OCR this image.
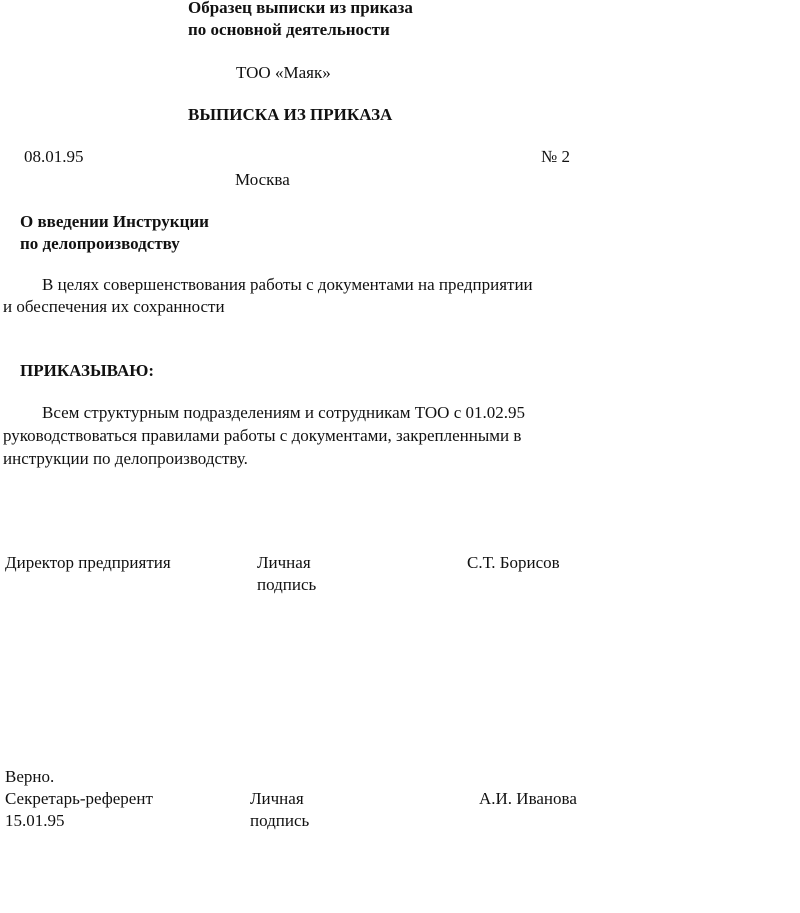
Образец выписки из приказа
по основной деятельности
ТОО «Маяк»
ВЫПИСКА ИЗ ПРИКАЗА
08.01.95	№ 2
Москва
О введении Инструкции
по делопроизводству
В целях совершенствования работы с документами на предприятии
и обеспечения их сохранности
ПРИКАЗЫВАЮ:
Всем структурным подразделениям и сотрудникам ТОО с 01.02.95
руководствоваться правилами работы с документами, закрепленными в
инструкции по делопроизводству.
Директор предприятия	Личная
подпись
С.Т. Борисов
Верно.
Секретарь-референт
15.01.95
Личная
подпись
А.И. Иванова
